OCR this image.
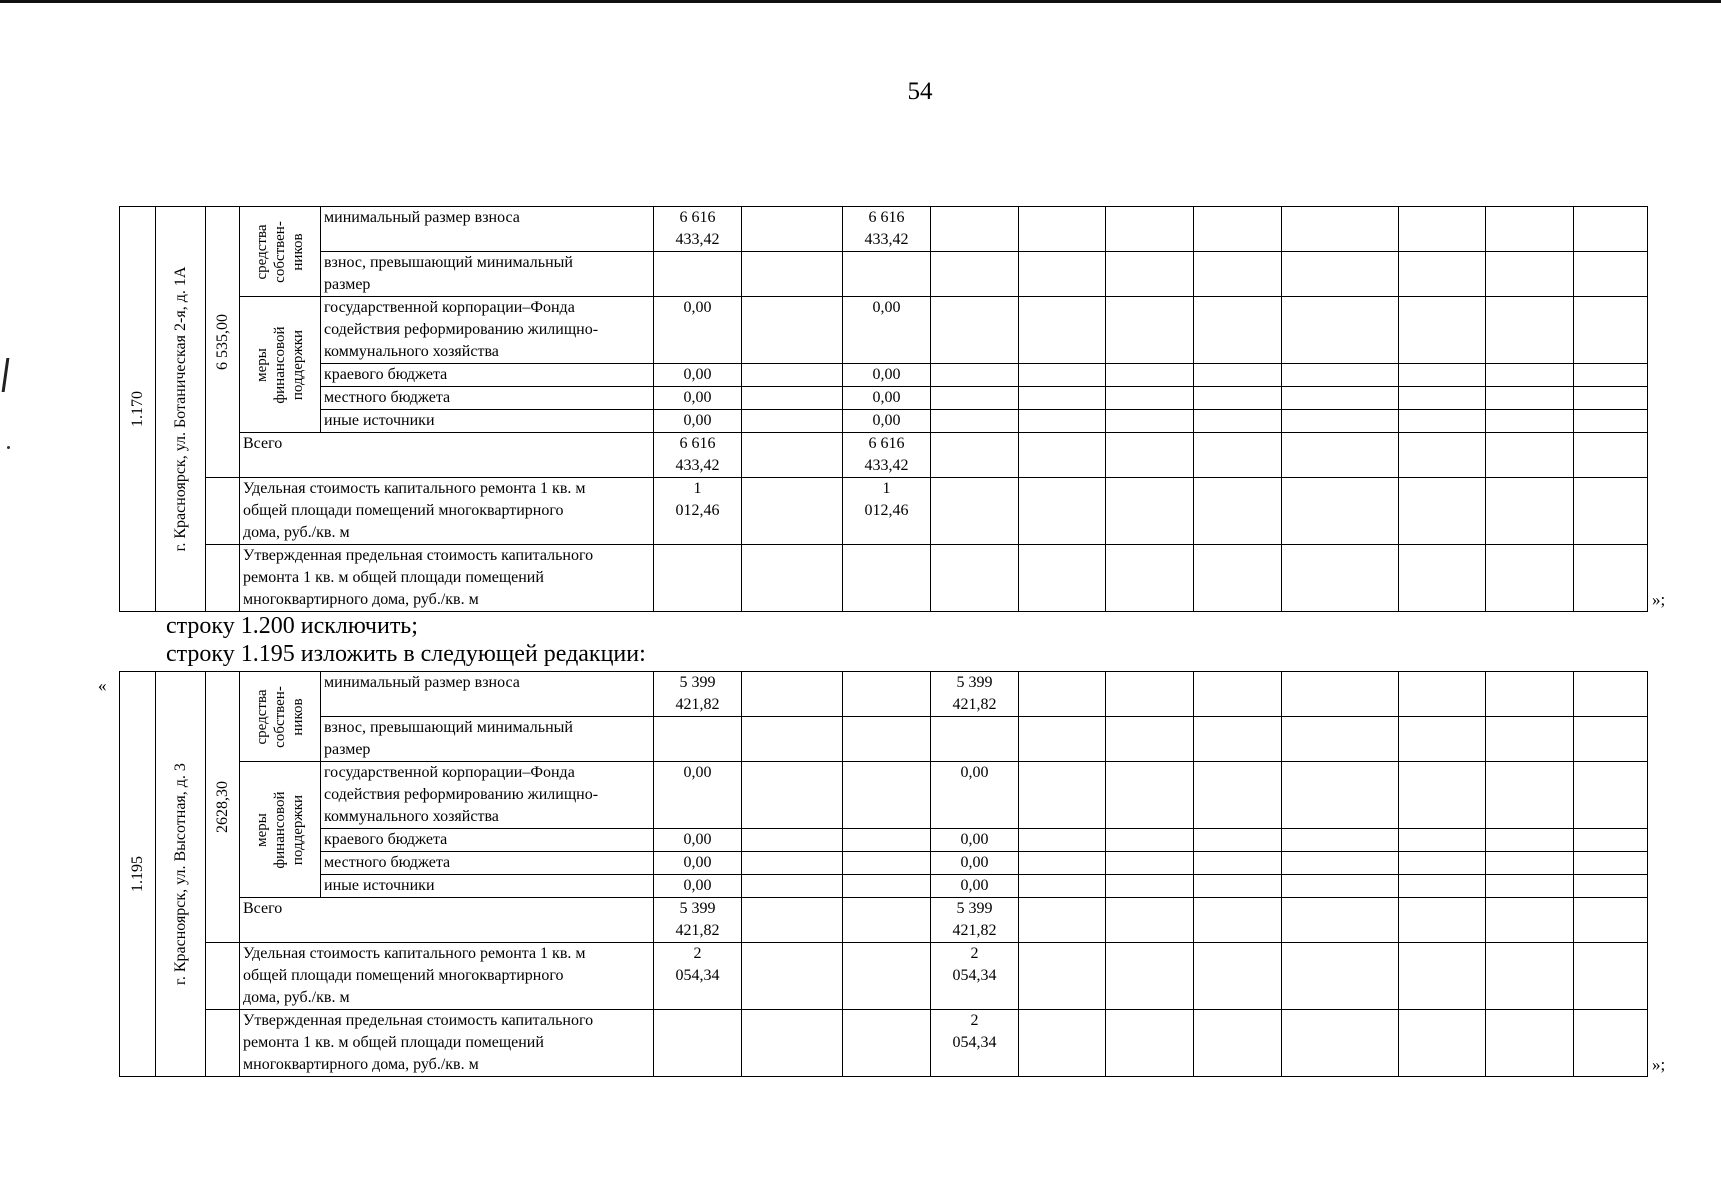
54
1.170	г. Красноярск, ул. Ботаническая 2-я, д. 1А	6 535,00	средства собствен- ников	минимальный размер взноса	6 616
433,42		6 616
433,42								

				взнос, превышающий минимальный
размер											

			меры финансовой поддержки	государственной корпорации–Фонда
содействия реформированию жилищно-
коммунального хозяйства	0,00		0,00								
				краевого бюджета	0,00		0,00								
				местного бюджета	0,00		0,00								
				иные источники	0,00		0,00								
			Всего		6 616
433,42		6 616
433,42								

			Удельная стоимость капитального ремонта 1 кв. м
общей площади помещений многоквартирного
дома, руб./кв. м		1
012,46		1
012,46								

			Утвержденная предельная стоимость капитального
ремонта 1 кв. м общей площади помещений
многоквартирного дома, руб./кв. м												
												»;
строку 1.200 исключить;
строку 1.195 изложить в следующей редакции:
«
1.195	г. Красноярск, ул. Высотная, д. 3	2628,30	средства собствен- ников	минимальный размер взноса	5 399
421,82			5 399
421,82							

				взнос, превышающий минимальный
размер											

			меры финансовой поддержки	государственной корпорации–Фонда
содействия реформированию жилищно-
коммунального хозяйства	0,00			0,00							
				краевого бюджета	0,00			0,00							
				местного бюджета	0,00			0,00							
				иные источники	0,00			0,00							
			Всего		5 399
421,82			5 399
421,82							

			Удельная стоимость капитального ремонта 1 кв. м
общей площади помещений многоквартирного
дома, руб./кв. м		2
054,34			2
054,34							

			Утвержденная предельная стоимость капитального
ремонта 1 кв. м общей площади помещений
многоквартирного дома, руб./кв. м					2
054,34							

»;
